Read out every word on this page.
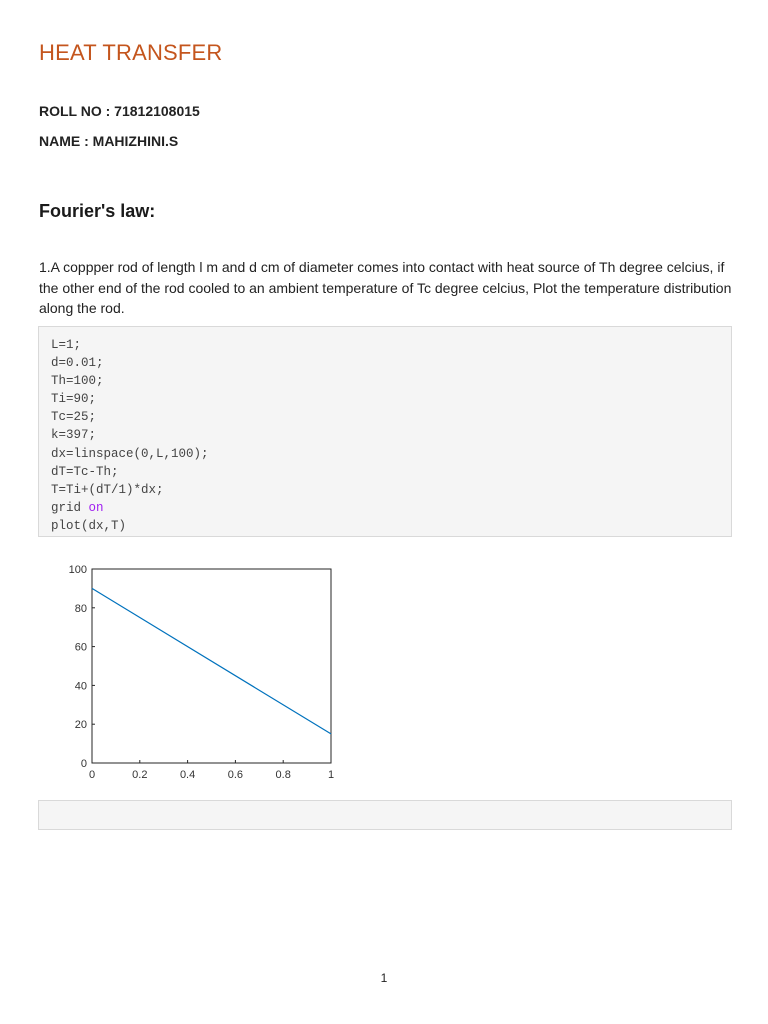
HEAT TRANSFER

ROLL NO : 71812108015

NAME : MAHIZHINI.S

Fourier's law:

1.A coppper rod of length l m and d cm of diameter comes into contact with heat source of Th degree celcius, if the other end of the rod cooled to an ambient temperature of Tc degree celcius, Plot the temperature distribution along the rod.

L=1;
d=0.01;
Th=100;
Ti=90;
Tc=25;
k=397;
dx=linspace(0,L,100);
dT=Tc-Th;
T=Ti+(dT/1)*dx;
grid on
plot(dx,T)
0	0.2	0.4	0.6	0.8	1
0
20
40
60
80
100
1
